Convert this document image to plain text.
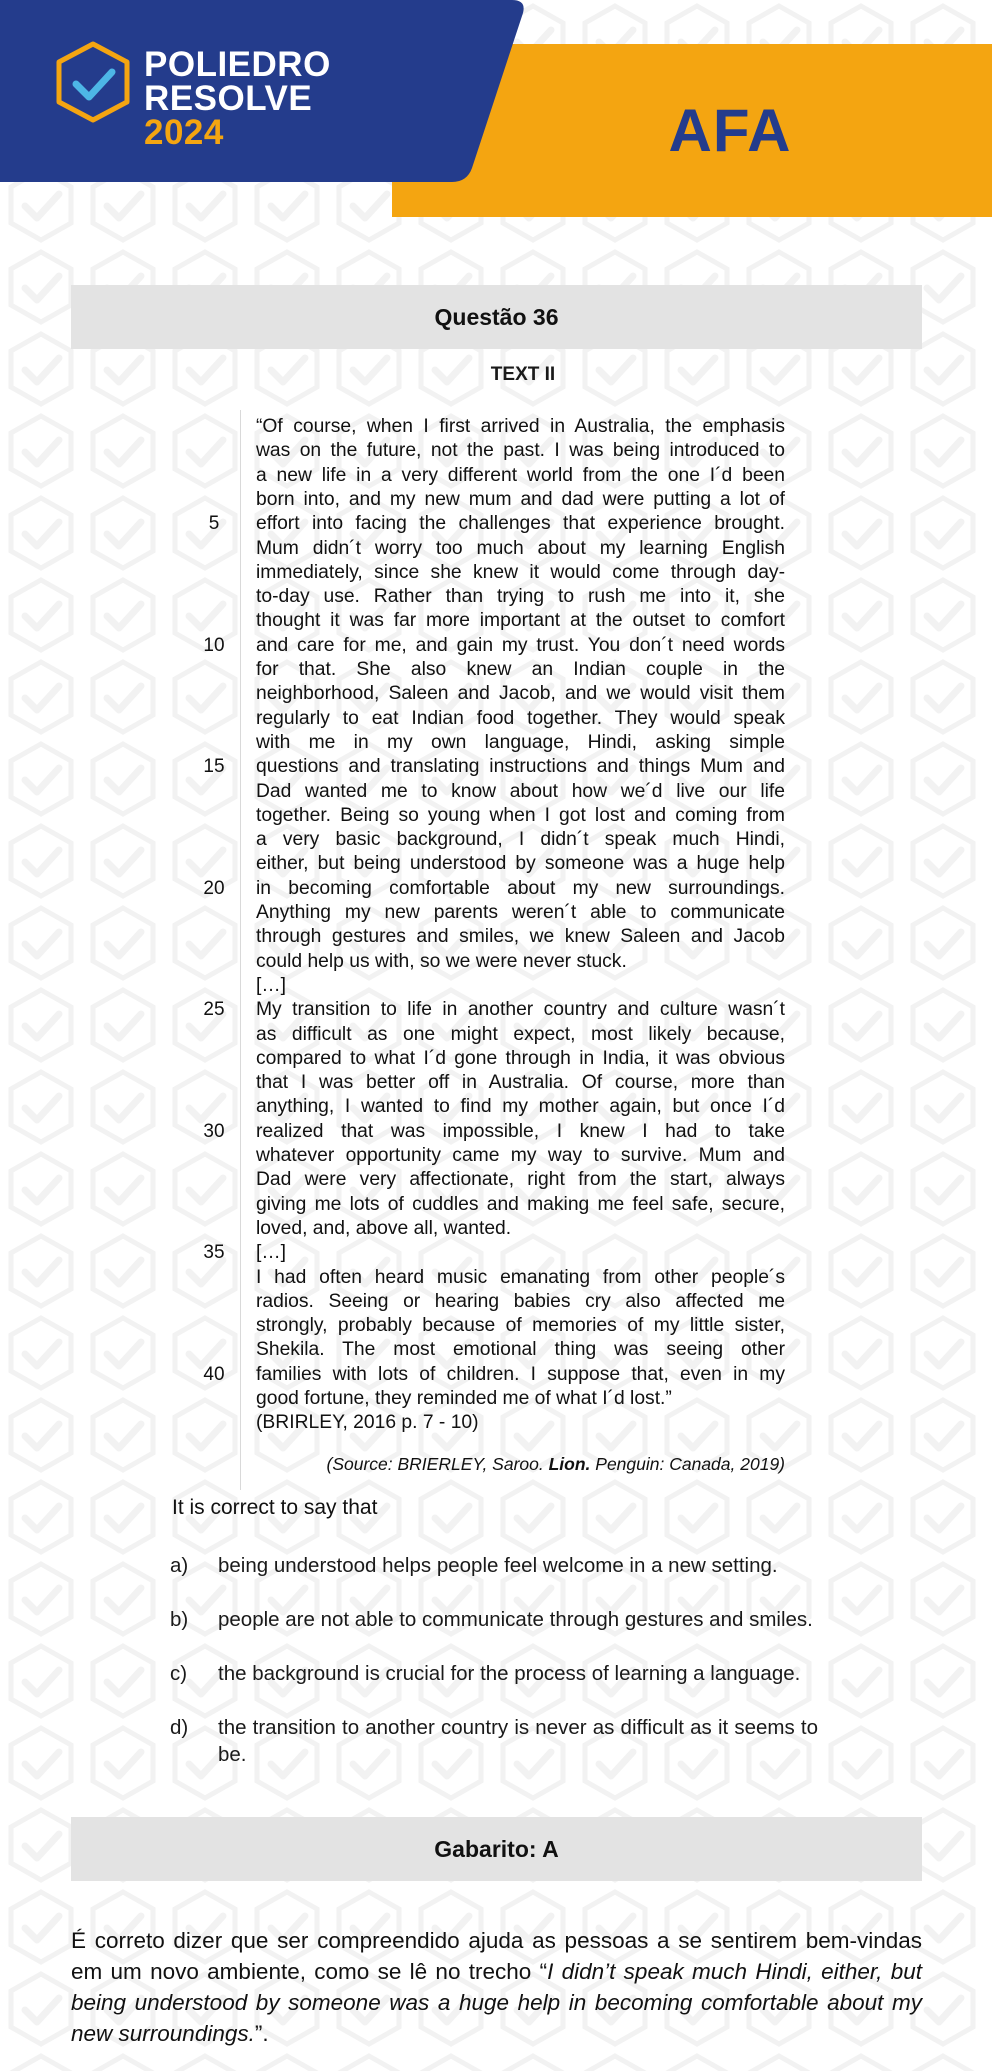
POLIEDRO
RESOLVE
2024	AFA
Questão 36
TEXT II
“Of course, when I first arrived in Australia, the emphasis
was on the future, not the past. I was being introduced to
a new life in a very different world from the one I´d been
born into, and my new mum and dad were putting a lot of
effort into facing the challenges that experience brought.
Mum didn´t worry too much about my learning English
immediately, since she knew it would come through day-
to-day use. Rather than trying to rush me into it, she
thought it was far more important at the outset to comfort
and care for me, and gain my trust. You don´t need words
for that. She also knew an Indian couple in the
neighborhood, Saleen and Jacob, and we would visit them
regularly to eat Indian food together. They would speak
with me in my own language, Hindi, asking simple
questions and translating instructions and things Mum and
Dad wanted me to know about how we´d live our life
together. Being so young when I got lost and coming from
a very basic background, I didn´t speak much Hindi,
either, but being understood by someone was a huge help
in becoming comfortable about my new surroundings.
Anything my new parents weren´t able to communicate
through gestures and smiles, we knew Saleen and Jacob
could help us with, so we were never stuck.
[…]
My transition to life in another country and culture wasn´t
as difficult as one might expect, most likely because,
compared to what I´d gone through in India, it was obvious
that I was better off in Australia. Of course, more than
anything, I wanted to find my mother again, but once I´d
realized that was impossible, I knew I had to take
whatever opportunity came my way to survive. Mum and
Dad were very affectionate, right from the start, always
giving me lots of cuddles and making me feel safe, secure,
loved, and, above all, wanted.
[…]
I had often heard music emanating from other people´s
radios. Seeing or hearing babies cry also affected me
strongly, probably because of memories of my little sister,
Shekila. The most emotional thing was seeing other
families with lots of children. I suppose that, even in my
good fortune, they reminded me of what I´d lost.”
(BRIRLEY, 2016 p. 7 - 10)
5
10
15
20
25
30
35
40
(Source: BRIERLEY, Saroo. Lion. Penguin: Canada, 2019)
It is correct to say that
a)	being understood helps people feel welcome in a new setting.
b)	people are not able to communicate through gestures and smiles.
c)	the background is crucial for the process of learning a language.
d)	the transition to another country is never as difficult as it seems to be.
Gabarito: A
É correto dizer que ser compreendido ajuda as pessoas a se sentirem bem-vindas em um novo ambiente, como se lê no trecho “I didn’t speak much Hindi, either, but being understood by someone was a huge help in becoming comfortable about my new surroundings.”.
